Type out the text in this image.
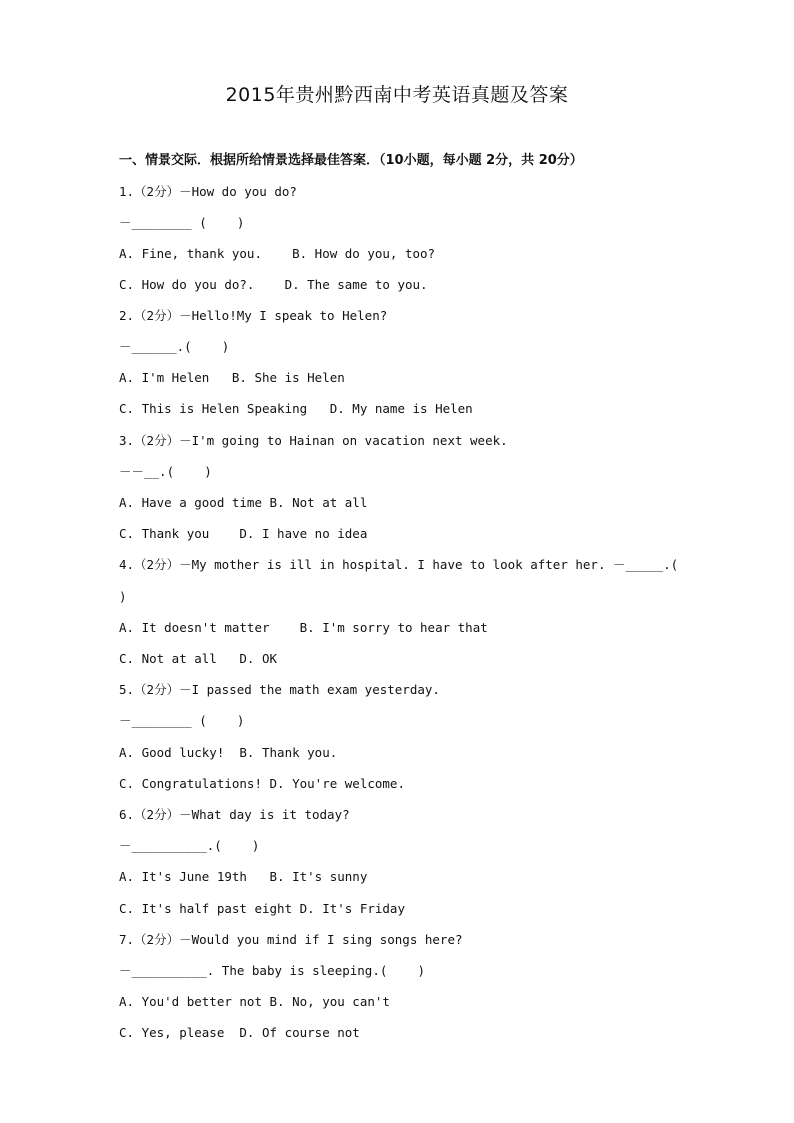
2015年贵州黔西南中考英语真题及答案
一、情景交际．根据所给情景选择最佳答案．（10小题，每小题 2分，共 20分）
1.（2分）－How do you do?
－________ (    )
A. Fine, thank you.    B. How do you, too?
C. How do you do?.    D. The same to you.
2.（2分）－Hello!My I speak to Helen?
－______.(    )
A. I'm Helen   B. She is Helen
C. This is Helen Speaking   D. My name is Helen
3.（2分）－I'm going to Hainan on vacation next week.
－－__.(    )
A. Have a good time B. Not at all
C. Thank you    D. I have no idea
4.（2分）－My mother is ill in hospital. I have to look after her. －_____.(
)
A. It doesn't matter    B. I'm sorry to hear that
C. Not at all   D. OK
5.（2分）－I passed the math exam yesterday.
－________ (    )
A. Good lucky!  B. Thank you.
C. Congratulations! D. You're welcome.
6.（2分）－What day is it today?
－__________.(    )
A. It's June 19th   B. It's sunny
C. It's half past eight D. It's Friday
7.（2分）－Would you mind if I sing songs here?
－__________. The baby is sleeping.(    )
A. You'd better not B. No, you can't
C. Yes, please  D. Of course not
